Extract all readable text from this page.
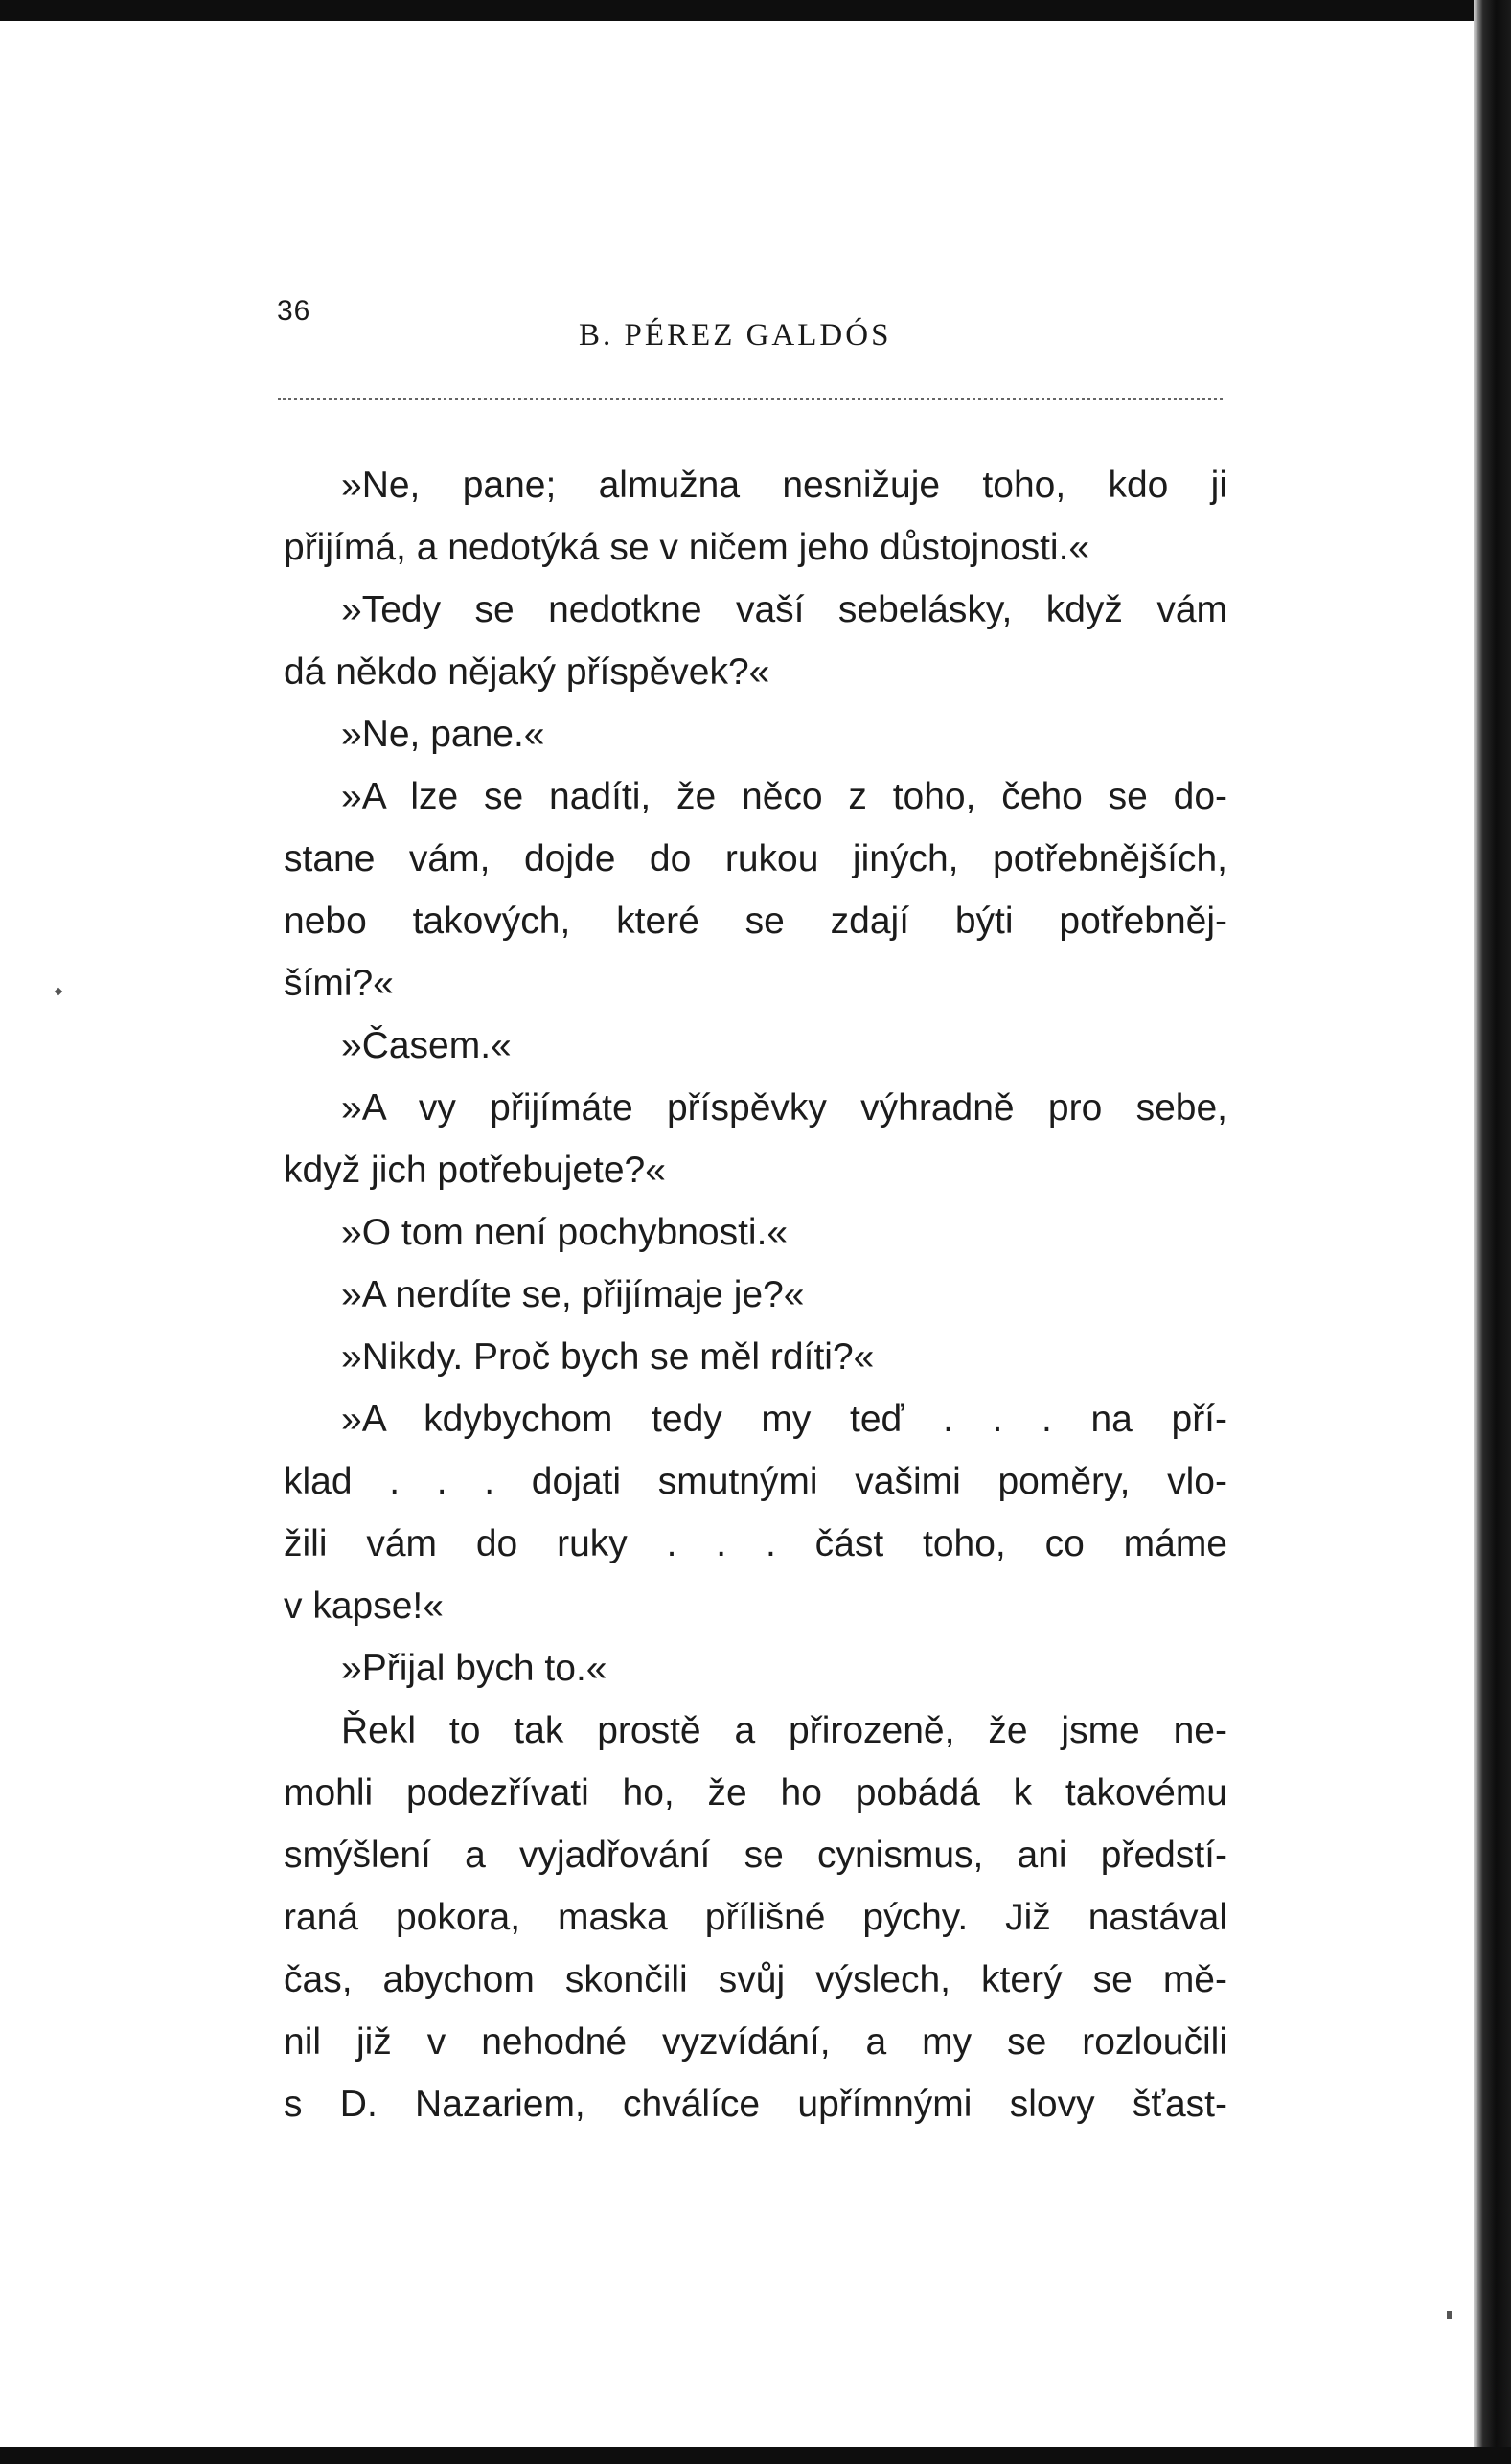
36
B. PÉREZ GALDÓS
»Ne, pane; almužna nesnižuje toho, kdo ji
přijímá, a nedotýká se v ničem jeho důstojnosti.«
»Tedy se nedotkne vaší sebelásky, když vám
dá někdo nějaký příspěvek?«
»Ne, pane.«
»A lze se nadíti, že něco z toho, čeho se do-
stane vám, dojde do rukou jiných, potřebnějších,
nebo takových, které se zdají býti potřebněj-
šími?«
»Časem.«
»A vy přijímáte příspěvky výhradně pro sebe,
když jich potřebujete?«
»O tom není pochybnosti.«
»A nerdíte se, přijímaje je?«
»Nikdy. Proč bych se měl rdíti?«
»A kdybychom tedy my teď . . . na pří-
klad . . . dojati smutnými vašimi poměry, vlo-
žili vám do ruky . . . část toho, co máme
v kapse!«
»Přijal bych to.«
Řekl to tak prostě a přirozeně, že jsme ne-
mohli podezřívati ho, že ho pobádá k takovému
smýšlení a vyjadřování se cynismus, ani předstí-
raná pokora, maska přílišné pýchy. Již nastával
čas, abychom skončili svůj výslech, který se mě-
nil již v nehodné vyzvídání, a my se rozloučili
s D. Nazariem, chválíce upřímnými slovy šťast-
